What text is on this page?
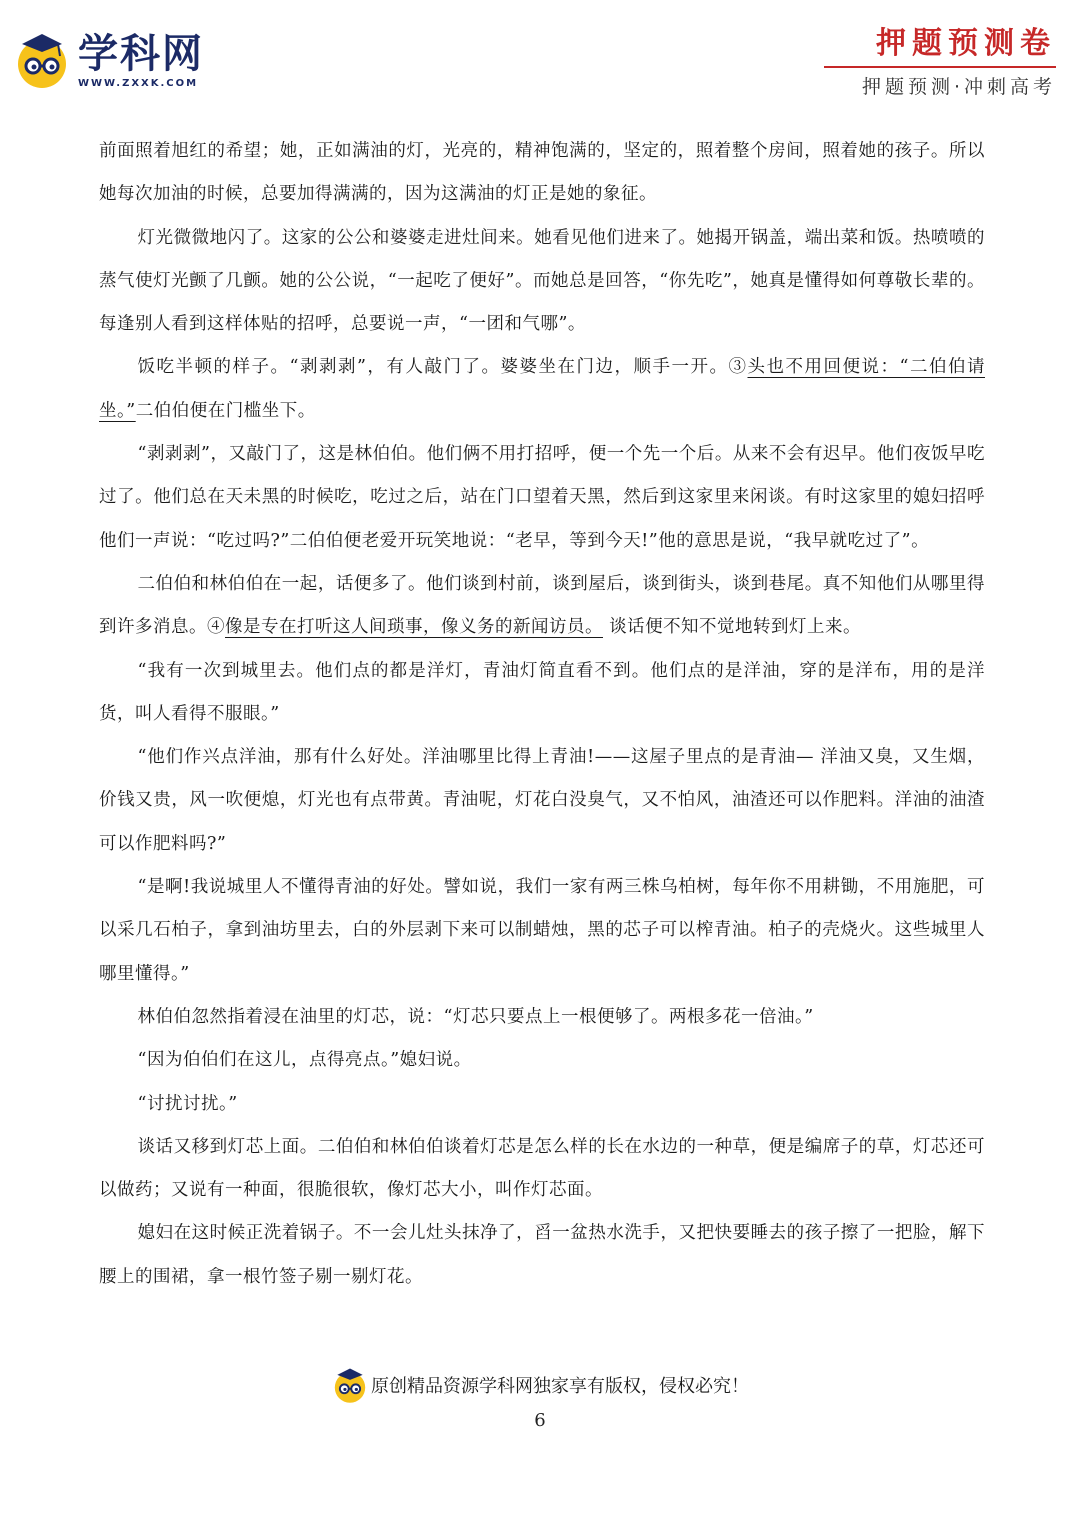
学科网
WWW.ZXXK.COM
押题预测卷
押题预测·冲刺高考

前面照着旭红的希望；她，正如满油的灯，光亮的，精神饱满的，坚定的，照着整个房间，照着她的孩子。所以她每次加油的时候，总要加得满满的，因为这满油的灯正是她的象征。

灯光微微地闪了。这家的公公和婆婆走进灶间来。她看见他们进来了。她揭开锅盖，端出菜和饭。热喷喷的蒸气使灯光颤了几颤。她的公公说，“一起吃了便好”。而她总是回答，“你先吃”，她真是懂得如何尊敬长辈的。每逢别人看到这样体贴的招呼，总要说一声，“一团和气哪”。

饭吃半顿的样子。“剥剥剥”，有人敲门了。婆婆坐在门边，顺手一开。③头也不用回便说：“二伯伯请坐。”二伯伯便在门槛坐下。

“剥剥剥”，又敲门了，这是林伯伯。他们俩不用打招呼，便一个先一个后。从来不会有迟早。他们夜饭早吃过了。他们总在天未黑的时候吃，吃过之后，站在门口望着天黑，然后到这家里来闲谈。有时这家里的媳妇招呼他们一声说：“吃过吗?”二伯伯便老爱开玩笑地说：“老早，等到今天!”他的意思是说，“我早就吃过了”。

二伯伯和林伯伯在一起，话便多了。他们谈到村前，谈到屋后，谈到街头，谈到巷尾。真不知他们从哪里得到许多消息。④像是专在打听这人间琐事，像义务的新闻访员。 谈话便不知不觉地转到灯上来。

“我有一次到城里去。他们点的都是洋灯，青油灯简直看不到。他们点的是洋油，穿的是洋布，用的是洋货，叫人看得不服眼。”

“他们作兴点洋油，那有什么好处。洋油哪里比得上青油!——这屋子里点的是青油— 洋油又臭，又生烟，价钱又贵，风一吹便熄，灯光也有点带黄。青油呢，灯花白没臭气，又不怕风，油渣还可以作肥料。洋油的油渣可以作肥料吗?”

“是啊!我说城里人不懂得青油的好处。譬如说，我们一家有两三株乌柏树，每年你不用耕锄，不用施肥，可以采几石柏子，拿到油坊里去，白的外层剥下来可以制蜡烛，黑的芯子可以榨青油。柏子的壳烧火。这些城里人哪里懂得。”

林伯伯忽然指着浸在油里的灯芯，说：“灯芯只要点上一根便够了。两根多花一倍油。”

“因为伯伯们在这儿，点得亮点。”媳妇说。

“讨扰讨扰。”

谈话又移到灯芯上面。二伯伯和林伯伯谈着灯芯是怎么样的长在水边的一种草，便是编席子的草，灯芯还可以做药；又说有一种面，很脆很软，像灯芯大小，叫作灯芯面。

媳妇在这时候正洗着锅子。不一会儿灶头抹净了，舀一盆热水洗手，又把快要睡去的孩子擦了一把脸，解下腰上的围裙，拿一根竹签子剔一剔灯花。

原创精品资源学科网独家享有版权，侵权必究！
6
